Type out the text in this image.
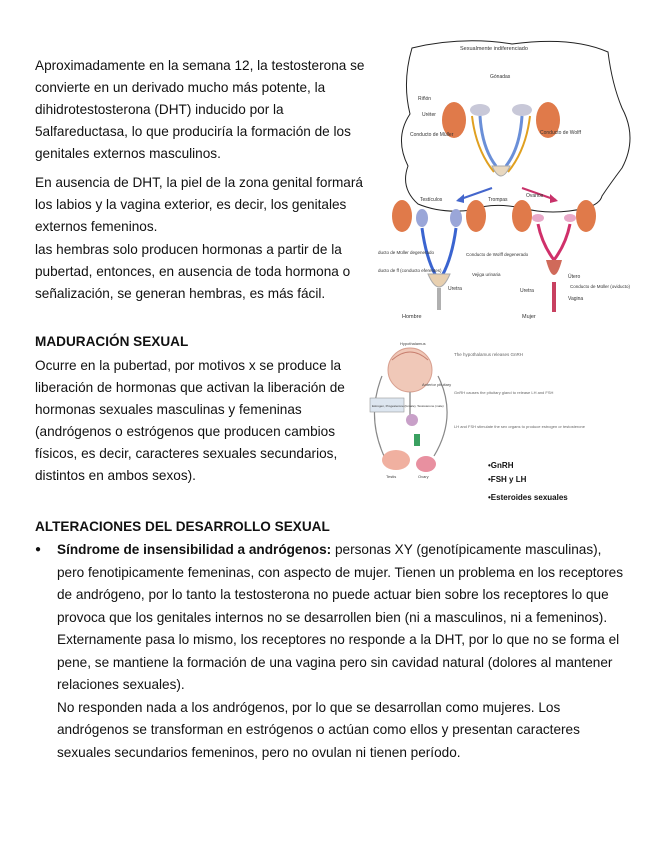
Aproximadamente en la semana 12, la testosterona se convierte en un derivado mucho más potente, la dihidrotestosterona (DHT) inducido por la 5alfareductasa, lo que produciría la formación de los genitales externos masculinos.
En ausencia de DHT, la piel de la zona genital formará los labios y la vagina exterior, es decir, los genitales externos femeninos.
las hembras solo producen hormonas a partir de la pubertad, entonces, en ausencia de toda hormona o señalización, se generan hembras, es más fácil.
Sexualmente indiferenciado
Gónadas
Riñón
Uréter
Conducto de Müller	Conducto de Wolff
Testículos
ducto de Müller degenerado
ducto de ff (conducto eferentes)
Uretra
Hombre
Trompas
Ovarios
Vejiga urinaria
Conducto de Wolff degenerado
Uretra
Útero
Vagina
Conducto de Müller (oviducto)
Mujer
MADURACIÓN SEXUAL
Ocurre en la pubertad, por motivos x se produce la liberación de hormonas que activan la liberación de hormonas sexuales masculinas y femeninas (andrógenos o estrógenos que producen cambios físicos, es decir, caracteres sexuales secundarios, distintos en ambos sexos).
Estrogen, Progesterone (female), Testosterone (male)
Hypothalamus
The hypothalamus releases GnRH
Anterior pituitary
GnRH causes the pituitary gland to release LH and FSH
LH and FSH stimulate the sex organs to produce estrogen or testosterone
Testis	Ovary
•GnRH
•FSH y LH
•Esteroides sexuales
ALTERACIONES DEL DESARROLLO SEXUAL
● Síndrome de insensibilidad a andrógenos: personas XY (genotípicamente masculinas), pero fenotipicamente femeninas, con aspecto de mujer. Tienen un problema en los receptores de andrógeno, por lo tanto la testosterona no puede actuar bien sobre los receptores lo que provoca que los genitales internos no se desarrollen bien (ni a masculinos, ni a femeninos). Externamente pasa lo mismo, los receptores no responde a la DHT, por lo que no se forma el pene, se mantiene la formación de una vagina pero sin cavidad natural (dolores al mantener relaciones sexuales).
No responden nada a los andrógenos, por lo que se desarrollan como mujeres. Los andrógenos se transforman en estrógenos o actúan como ellos y presentan caracteres sexuales secundarios femeninos, pero no ovulan ni tienen período.
